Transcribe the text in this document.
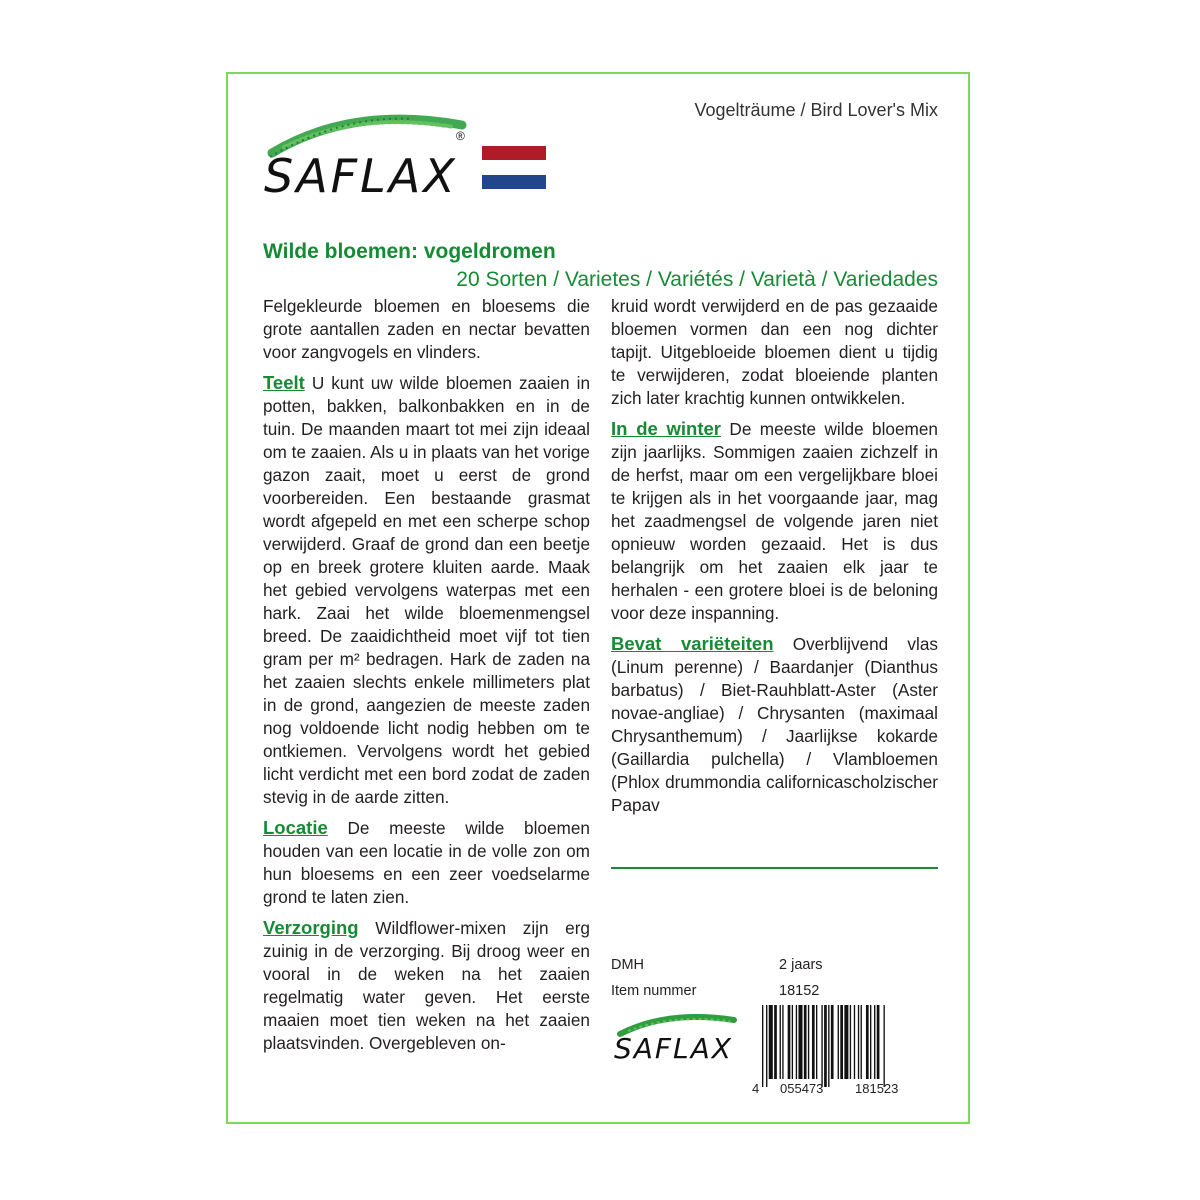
SAFLAX
®
Vogelträume / Bird Lover's Mix
Wilde bloemen: vogeldromen
20 Sorten / Varietes / Variétés / Varietà / Variedades

Felgekleurde bloemen en bloesems die grote aantallen zaden en nectar bevatten voor zangvogels en vlinders.

Teelt U kunt uw wilde bloemen zaaien in potten, bakken, balkonbakken en in de tuin. De maanden maart tot mei zijn ideaal om te zaaien. Als u in plaats van het vorige gazon zaait, moet u eerst de grond voorbereiden. Een bestaande grasmat wordt afgepeld en met een scherpe schop verwijderd. Graaf de grond dan een beetje op en breek grotere kluiten aarde. Maak het gebied vervolgens waterpas met een hark. Zaai het wilde bloemenmengsel breed. De zaaidichtheid moet vijf tot tien gram per m² bedragen. Hark de zaden na het zaaien slechts enkele millimeters plat in de grond, aangezien de meeste zaden nog voldoende licht nodig hebben om te ontkiemen. Vervolgens wordt het gebied licht verdicht met een bord zodat de zaden stevig in de aarde zitten.

Locatie De meeste wilde bloemen houden van een locatie in de volle zon om hun bloesems en een zeer voedselarme grond te laten zien.

Verzorging Wildflower-mixen zijn erg zuinig in de verzorging. Bij droog weer en vooral in de weken na het zaaien regelmatig water geven. Het eerste maaien moet tien weken na het zaaien plaatsvinden. Overgebleven on-

kruid wordt verwijderd en de pas gezaaide bloemen vormen dan een nog dichter tapijt. Uitgebloeide bloemen dient u tijdig te verwijderen, zodat bloeiende planten zich later krachtig kunnen ontwikkelen.

In de winter De meeste wilde bloemen zijn jaarlijks. Sommigen zaaien zichzelf in de herfst, maar om een vergelijkbare bloei te krijgen als in het voorgaande jaar, mag het zaadmengsel de volgende jaren niet opnieuw worden gezaaid. Het is dus belangrijk om het zaaien elk jaar te herhalen - een grotere bloei is de beloning voor deze inspanning.

Bevat variëteiten Overblijvend vlas (Linum perenne) / Baardanjer (Dianthus barbatus) / Biet-Rauhblatt-Aster (Aster novae-angliae) / Chrysanten (maximaal Chrysanthemum) / Jaarlijkse kokarde (Gaillardia pulchella) / Vlambloemen (Phlox drummondia californicascholzischer Papav

DMH	2 jaars
Item nummer	18152
SAFLAX
4 055473 181523
